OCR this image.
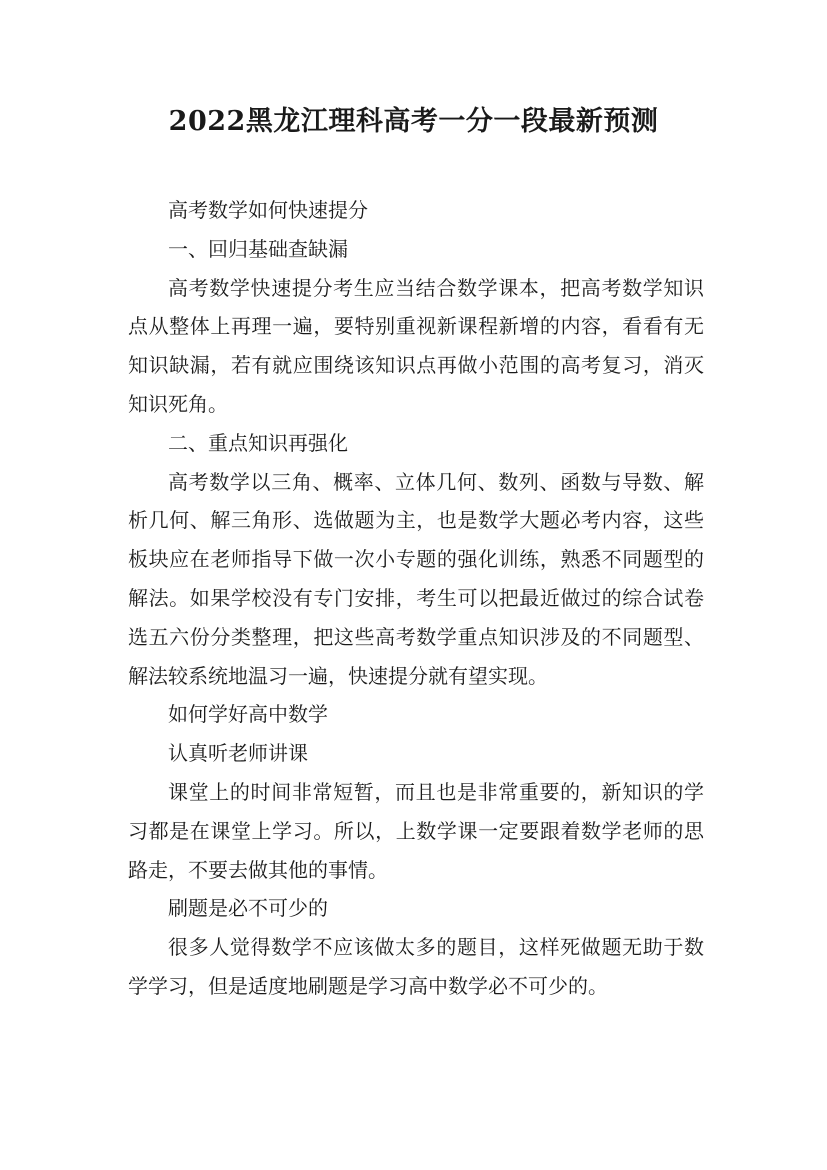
2022黑龙江理科高考一分一段最新预测

高考数学如何快速提分

一、回归基础查缺漏

高考数学快速提分考生应当结合数学课本，把高考数学知识点从整体上再理一遍，要特别重视新课程新增的内容，看看有无知识缺漏，若有就应围绕该知识点再做小范围的高考复习，消灭知识死角。

二、重点知识再强化

高考数学以三角、概率、立体几何、数列、函数与导数、解析几何、解三角形、选做题为主，也是数学大题必考内容，这些板块应在老师指导下做一次小专题的强化训练，熟悉不同题型的解法。如果学校没有专门安排，考生可以把最近做过的综合试卷选五六份分类整理，把这些高考数学重点知识涉及的不同题型、解法较系统地温习一遍，快速提分就有望实现。

如何学好高中数学

认真听老师讲课

课堂上的时间非常短暂，而且也是非常重要的，新知识的学习都是在课堂上学习。所以，上数学课一定要跟着数学老师的思路走，不要去做其他的事情。

刷题是必不可少的

很多人觉得数学不应该做太多的题目，这样死做题无助于数学学习，但是适度地刷题是学习高中数学必不可少的。
